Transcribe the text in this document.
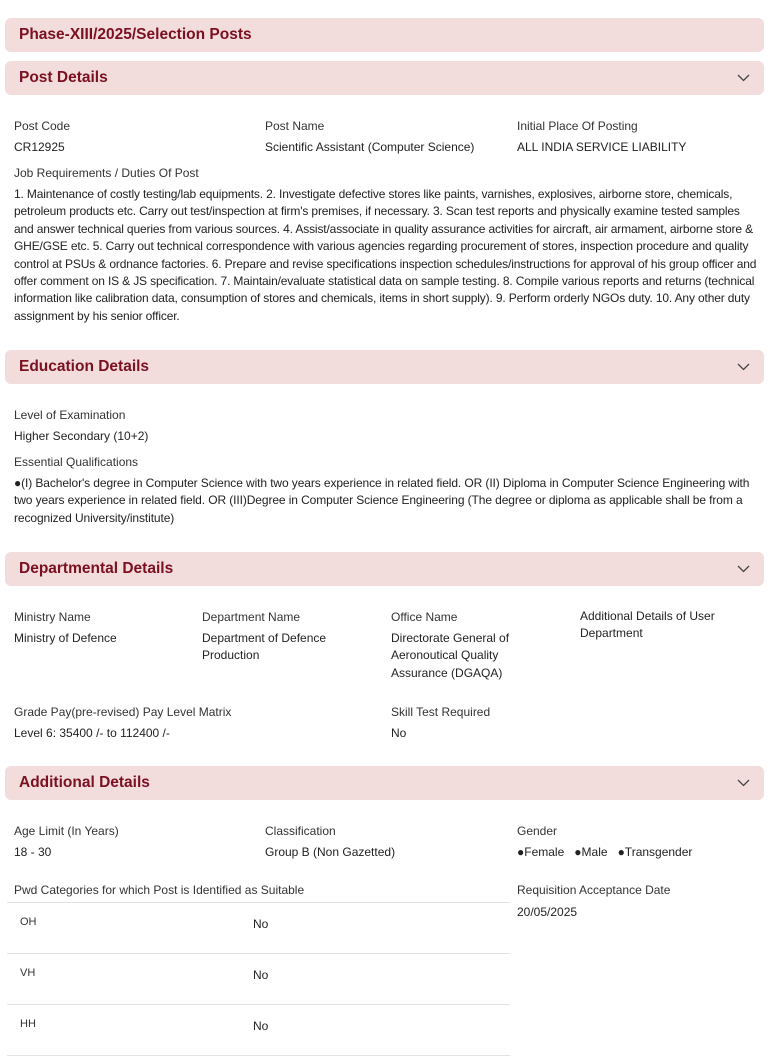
Phase-XIII/2025/Selection Posts
Post Details
Post Code
CR12925
Post Name
Scientific Assistant (Computer Science)
Initial Place Of Posting
ALL INDIA SERVICE LIABILITY
Job Requirements / Duties Of Post
1. Maintenance of costly testing/lab equipments. 2. Investigate defective stores like paints, varnishes, explosives, airborne store, chemicals, petroleum products etc. Carry out test/inspection at firm's premises, if necessary. 3. Scan test reports and physically examine tested samples and answer technical queries from various sources. 4. Assist/associate in quality assurance activities for aircraft, air armament, airborne store & GHE/GSE etc. 5. Carry out technical correspondence with various agencies regarding procurement of stores, inspection procedure and quality control at PSUs & ordnance factories. 6. Prepare and revise specifications inspection schedules/instructions for approval of his group officer and offer comment on IS & JS specification. 7. Maintain/evaluate statistical data on sample testing. 8. Compile various reports and returns (technical information like calibration data, consumption of stores and chemicals, items in short supply). 9. Perform orderly NGOs duty. 10. Any other duty assignment by his senior officer.
Education Details
Level of Examination
Higher Secondary (10+2)
Essential Qualifications
●(I) Bachelor's degree in Computer Science with two years experience in related field. OR (II) Diploma in Computer Science Engineering with two years experience in related field. OR (III)Degree in Computer Science Engineering (The degree or diploma as applicable shall be from a recognized University/institute)
Departmental Details
Ministry Name
Ministry of Defence
Department Name
Department of Defence Production
Office Name
Directorate General of Aeronoutical Quality Assurance (DGAQA)
Additional Details of User Department
Grade Pay(pre-revised) Pay Level Matrix
Level 6: 35400 /- to 112400 /-
Skill Test Required
No
Additional Details
Age Limit (In Years)
18 - 30
Classification
Group B (Non Gazetted)
Gender
●Female ●Male ●Transgender
Pwd Categories for which Post is Identified as Suitable	Requisition Acceptance Date
20/05/2025
OH	No
VH	No
HH	No
